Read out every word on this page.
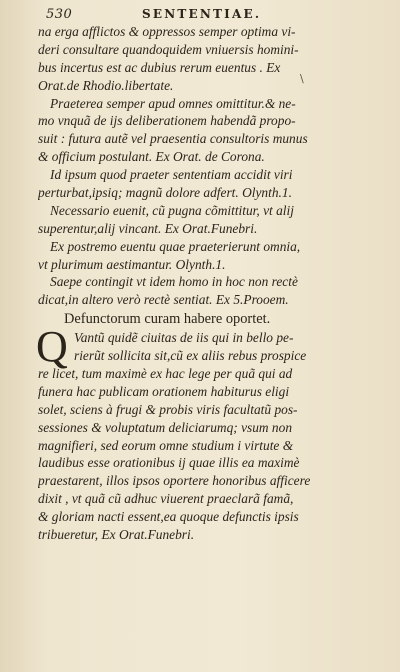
530	SENTENTIAE.
\
na erga afflictos & oppressos semper optima vi-
deri consultare quandoquidem vniuersis homini-
bus incertus est ac dubius rerum euentus . Ex
Orat.de Rhodio.libertate.
Praeterea semper apud omnes omittitur.& ne-
mo vnquã de ijs deliberationem habendã propo-
suit : futura autẽ vel praesentia consultoris munus
& officium postulant. Ex Orat. de Corona.
Id ipsum quod praeter sententiam accidit viri
perturbat,ipsiq; magnũ dolore adfert. Olynth.1.
Necessario euenit, cũ pugna cõmittitur, vt alij
superentur,alij vincant. Ex Orat.Funebri.
Ex postremo euentu quae praeterierunt omnia,
vt plurimum aestimantur. Olynth.1.
Saepe contingit vt idem homo in hoc non rectè
dicat,in altero verò rectè sentiat. Ex 5.Prooem.
Defunctorum curam habere oportet.
Q Vantũ quidẽ ciuitas de iis qui in bello pe-
rierũt sollicita sit,cũ ex aliis rebus prospice
re licet, tum maximè ex hac lege per quã qui ad
funera hac publicam orationem habiturus eligi
solet, sciens à frugi & probis viris facultatũ pos-
sessiones & voluptatum deliciarumq; vsum non
magnifieri, sed eorum omne studium i virtute &
laudibus esse orationibus ij quae illis ea maximè
praestarent, illos ipsos oportere honoribus afficere
dixit , vt quã cũ adhuc viuerent praeclarã famã,
& gloriam nacti essent,ea quoque defunctis ipsis
tribueretur, Ex Orat.Funebri.
